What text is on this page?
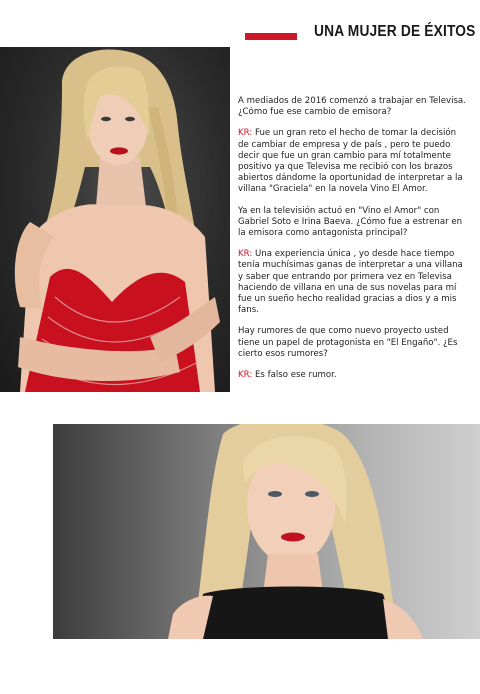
UNA MUJER DE ÉXITOS

A mediados de 2016 comenzó a trabajar en Televisa. ¿Cómo fue ese cambio de emisora?

KR: Fue un gran reto el hecho de tomar la decisión de cambiar de empresa y de país , pero te puedo decir que fue un gran cambio para mí totalmente positivo ya que Televisa me recibió con los brazos abiertos dándome la oportunidad de interpretar a la villana "Graciela" en la novela Vino El Amor.

Ya en la televisión actuó en "Vino el Amor" con Gabriel Soto e Irina Baeva. ¿Cómo fue a estrenar en la emisora como antagonista principal?

KR: Una experiencia única , yo desde hace tiempo tenía muchísimas ganas de interpretar a una villana y saber que entrando por primera vez en Televisa haciendo de villana en una de sus novelas para mí fue un sueño hecho realidad gracias a dios y a mis fans.

Hay rumores de que como nuevo proyecto usted tiene un papel de protagonista en "El Engaño". ¿Es cierto esos rumores?

KR: Es falso ese rumor.
